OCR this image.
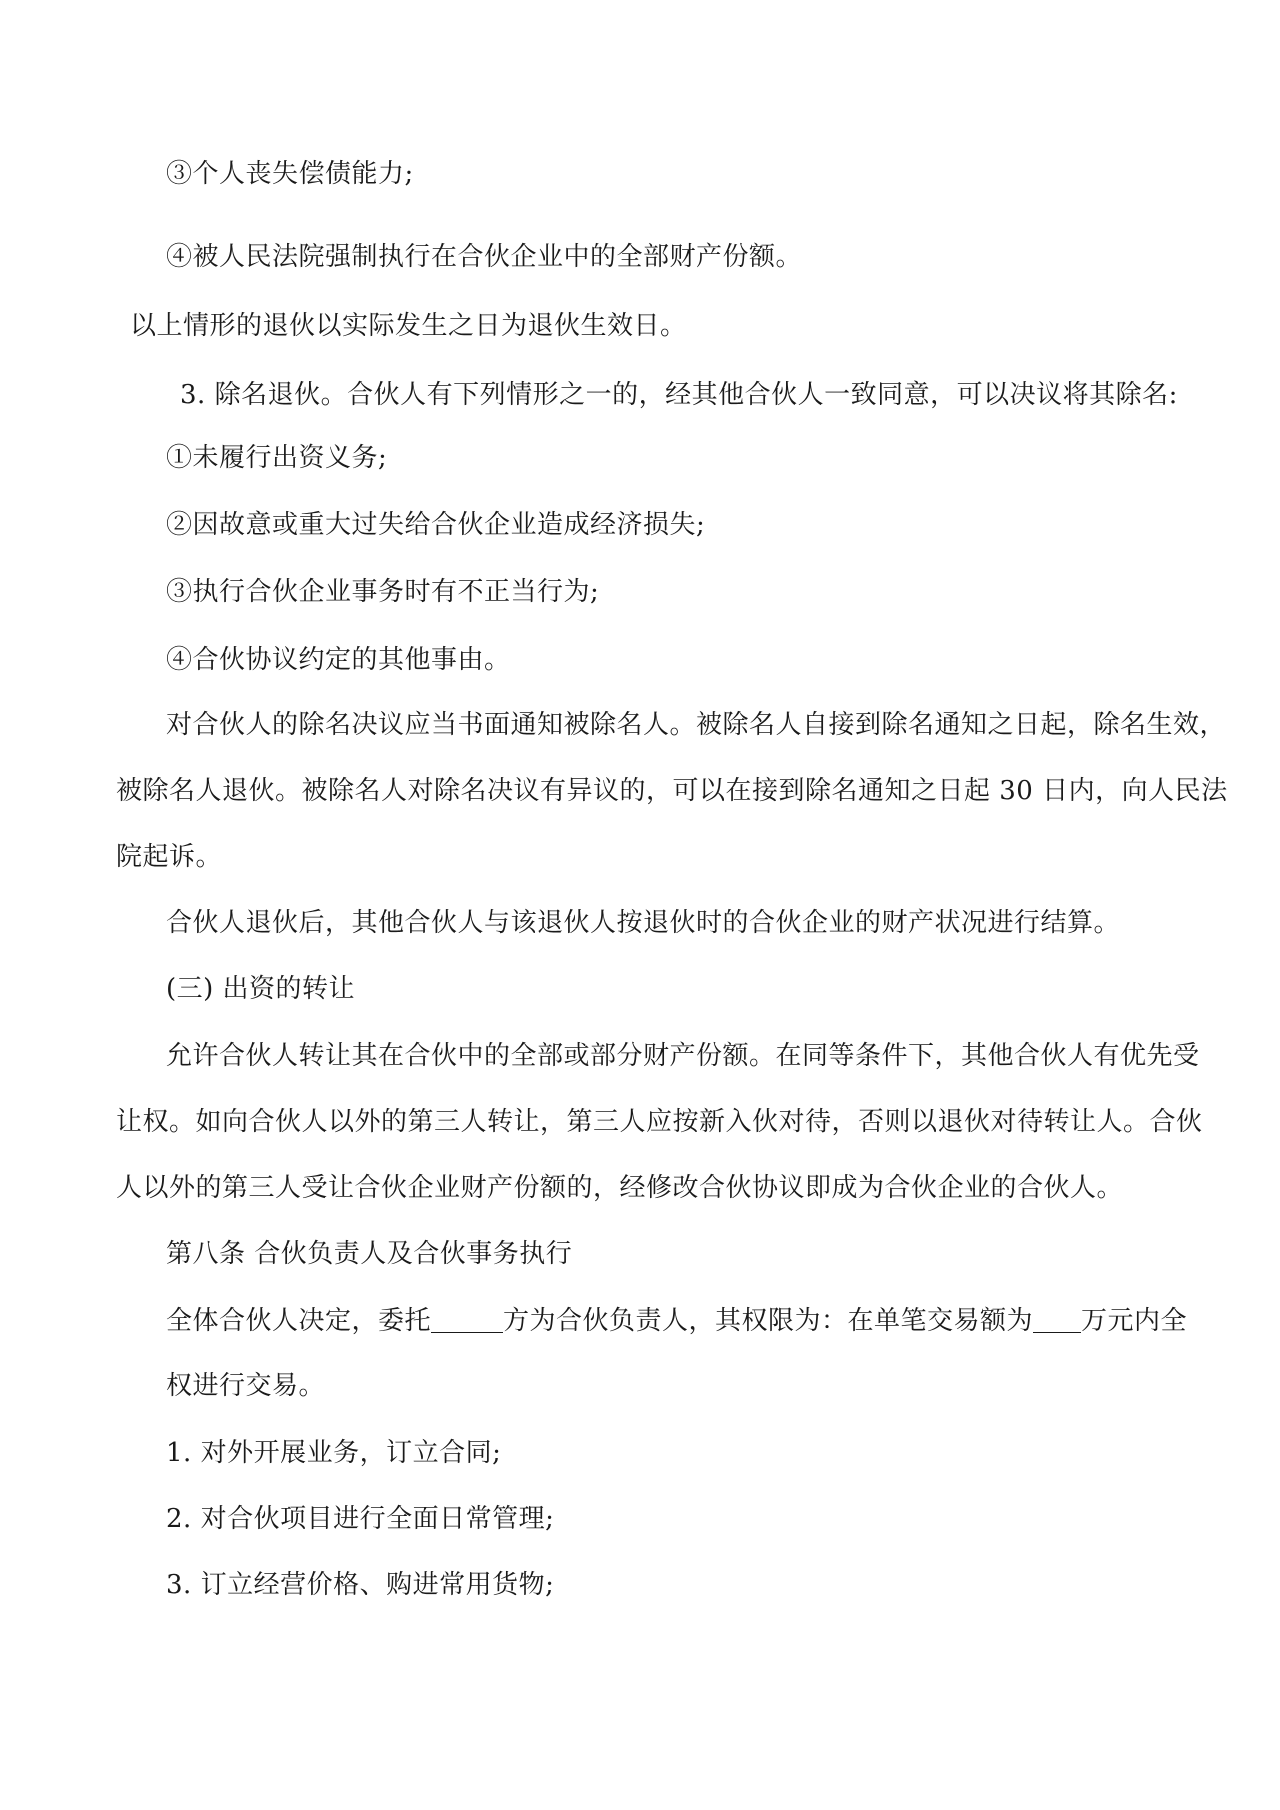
③个人丧失偿债能力;
④被人民法院强制执行在合伙企业中的全部财产份额。
以上情形的退伙以实际发生之日为退伙生效日。
3. 除名退伙。合伙人有下列情形之一的，经其他合伙人一致同意，可以决议将其除名:
①未履行出资义务;
②因故意或重大过失给合伙企业造成经济损失;
③执行合伙企业事务时有不正当行为;
④合伙协议约定的其他事由。
对合伙人的除名决议应当书面通知被除名人。被除名人自接到除名通知之日起，除名生效，
被除名人退伙。被除名人对除名决议有异议的，可以在接到除名通知之日起 30 日内，向人民法
院起诉。
合伙人退伙后，其他合伙人与该退伙人按退伙时的合伙企业的财产状况进行结算。
(三) 出资的转让
允许合伙人转让其在合伙中的全部或部分财产份额。在同等条件下，其他合伙人有优先受
让权。如向合伙人以外的第三人转让，第三人应按新入伙对待，否则以退伙对待转让人。合伙
人以外的第三人受让合伙企业财产份额的，经修改合伙协议即成为合伙企业的合伙人。
第八条 合伙负责人及合伙事务执行
全体合伙人决定，委托	方为合伙负责人，其权限为：在单笔交易额为 万元内全
权进行交易。
1. 对外开展业务，订立合同;
2. 对合伙项目进行全面日常管理;
3. 订立经营价格、购进常用货物;
